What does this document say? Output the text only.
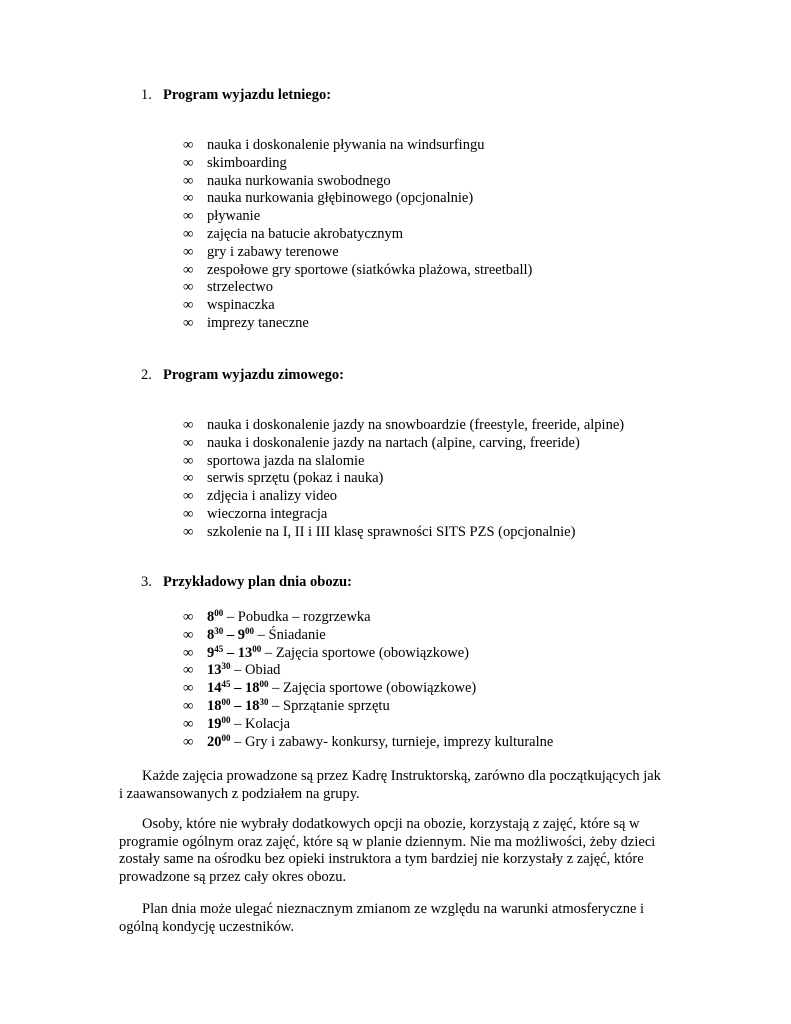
1. Program wyjazdu letniego:
∞ nauka i doskonalenie pływania na windsurfingu
∞ skimboarding
∞ nauka nurkowania swobodnego
∞ nauka nurkowania głębinowego (opcjonalnie)
∞ pływanie
∞ zajęcia na batucie akrobatycznym
∞ gry i zabawy terenowe
∞ zespołowe gry sportowe (siatkówka plażowa, streetball)
∞ strzelectwo
∞ wspinaczka
∞ imprezy taneczne
2. Program wyjazdu zimowego:
∞ nauka i doskonalenie jazdy na snowboardzie (freestyle, freeride, alpine)
∞ nauka i doskonalenie jazdy na nartach (alpine, carving, freeride)
∞ sportowa jazda na slalomie
∞ serwis sprzętu (pokaz i nauka)
∞ zdjęcia i analizy video
∞ wieczorna integracja
∞ szkolenie na I, II i III klasę sprawności SITS PZS (opcjonalnie)
3. Przykładowy plan dnia obozu:
∞ $8^{00}$ – Pobudka – rozgrzewka
∞ $8^{30} - 9^{00}$ – Śniadanie
∞ $9^{45} - 13^{00}$ – Zajęcia sportowe (obowiązkowe)
∞ $13^{30}$ – Obiad
∞ $14^{45} - 18^{00}$ – Zajęcia sportowe (obowiązkowe)
∞ $18^{00} - 18^{30}$ – Sprzątanie sprzętu
∞ $19^{00}$ – Kolacja
∞ $20^{00}$ – Gry i zabawy- konkursy, turnieje, imprezy kulturalne

Każde zajęcia prowadzone są przez Kadrę Instruktorską, zarówno dla początkujących jak
i zaawansowanych z podziałem na grupy.

Osoby, które nie wybrały dodatkowych opcji na obozie, korzystają z zajęć, które są w
programie ogólnym oraz zajęć, które są w planie dziennym. Nie ma możliwości, żeby dzieci
zostały same na ośrodku bez opieki instruktora a tym bardziej nie korzystały z zajęć, które
prowadzone są przez cały okres obozu.

Plan dnia może ulegać nieznacznym zmianom ze względu na warunki atmosferyczne i
ogólną kondycję uczestników.
